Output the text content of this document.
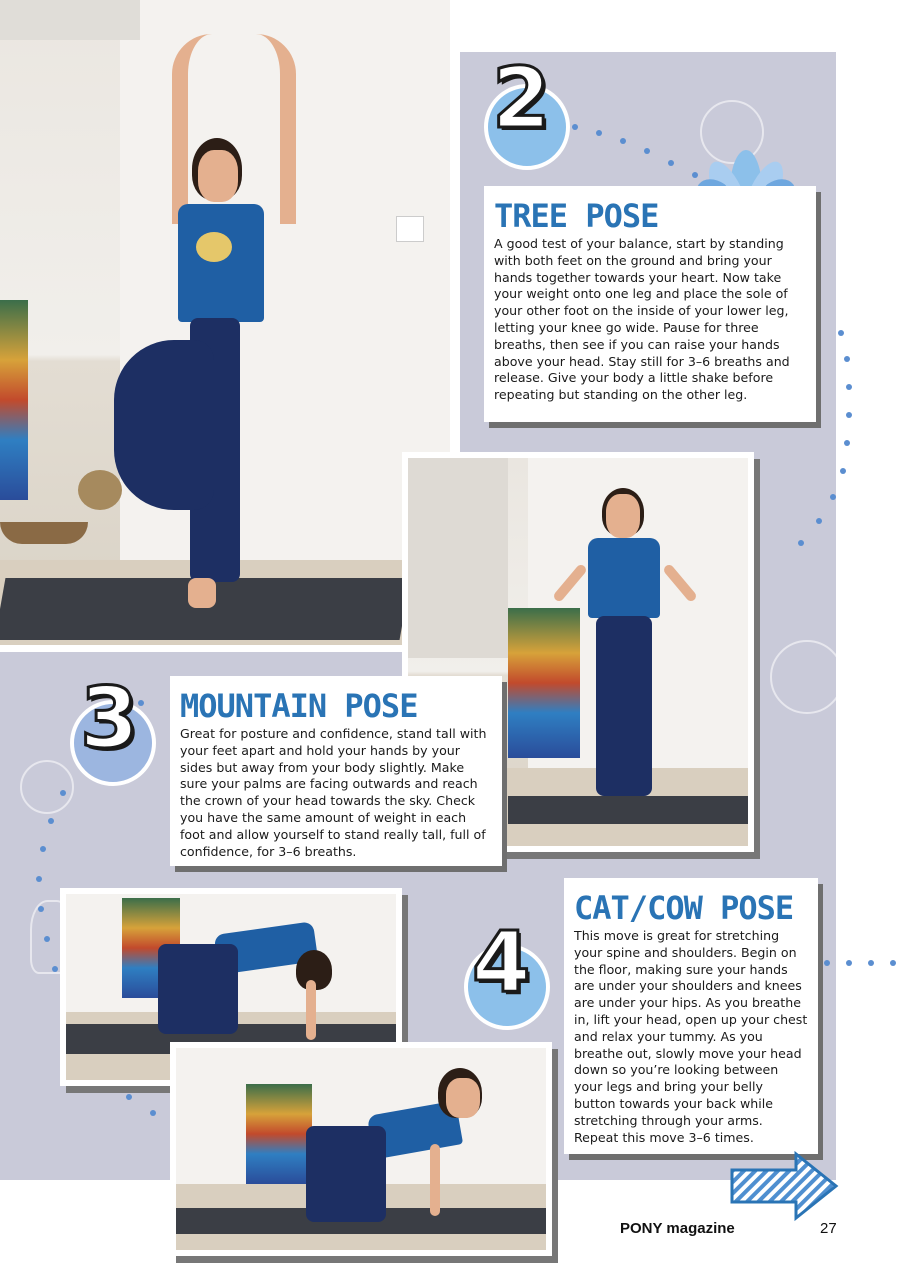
2
TREE POSE

A good test of your balance, start by standing with both feet on the ground and bring your hands together towards your heart. Now take your weight onto one leg and place the sole of your other foot on the inside of your lower leg, letting your knee go wide. Pause for three breaths, then see if you can raise your hands above your head. Stay still for 3–6 breaths and release. Give your body a little shake before repeating but standing on the other leg.

3 MOUNTAIN POSE

Great for posture and confidence, stand tall with your feet apart and hold your hands by your sides but away from your body slightly. Make sure your palms are facing outwards and reach the crown of your head towards the sky. Check you have the same amount of weight in each foot and allow yourself to stand really tall, full of confidence, for 3–6 breaths.

4
CAT/COW POSE

This move is great for stretching your spine and shoulders. Begin on the floor, making sure your hands are under your shoulders and knees are under your hips. As you breathe in, lift your head, open up your chest and relax your tummy. As you breathe out, slowly move your head down so you’re looking between your legs and bring your belly button towards your back while stretching through your arms. Repeat this move 3–6 times.

PONY magazine	27
